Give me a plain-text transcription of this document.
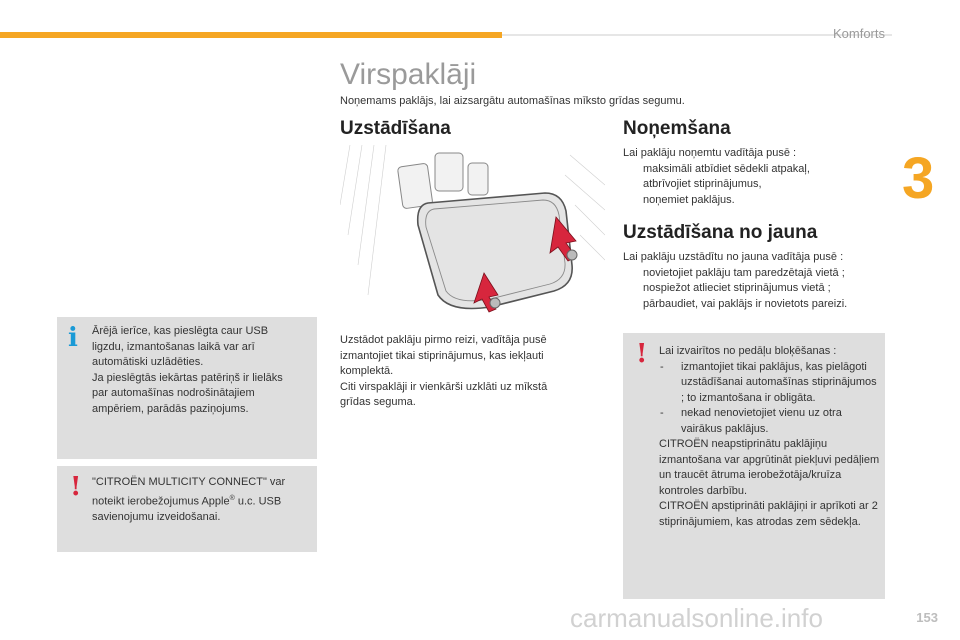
Komforts
3
Virspaklāji
Noņemams paklājs, lai aizsargātu automašīnas mīksto grīdas segumu.
Uzstādīšana
Uzstādot paklāju pirmo reizi, vadītāja pusē
izmantojiet tikai stiprinājumus, kas iekļauti
komplektā.
Citi virspaklāji ir vienkārši uzklāti uz mīkstā
grīdas seguma.
Noņemšana
Lai paklāju noņemtu vadītāja pusē :
maksimāli atbīdiet sēdekli atpakaļ,
atbrīvojiet stiprinājumus,
noņemiet paklājus.
Uzstādīšana no jauna
Lai paklāju uzstādītu no jauna vadītāja pusē :
novietojiet paklāju tam paredzētajā vietā ;
nospiežot atlieciet stiprinājumus vietā ;
pārbaudiet, vai paklājs ir novietots pareizi.
i Ārējā ierīce, kas pieslēgta caur USB
ligzdu, izmantošanas laikā var arī
automātiski uzlādēties.
Ja pieslēgtās iekārtas patēriņš ir lielāks
par automašīnas nodrošinātajiem
ampēriem, parādās paziņojums.
! "CITROËN MULTICITY CONNECT" var
noteikt ierobežojumus Apple® u.c. USB
savienojumu izveidošanai.
! Lai izvairītos no pedāļu bloķēšanas :
- izmantojiet tikai paklājus, kas pielāgoti uzstādīšanai automašīnas stiprinājumos ; to izmantošana ir obligāta.
- nekad nenovietojiet vienu uz otra vairākus paklājus.
CITROËN neapstiprinātu paklājiņu izmantošana var apgrūtināt piekļuvi pedāļiem un traucēt ātruma ierobežotāja/kruīza kontroles darbību.
CITROËN apstiprināti paklājiņi ir aprīkoti ar 2 stiprinājumiem, kas atrodas zem sēdekļa.
carmanualsonline.info	153
